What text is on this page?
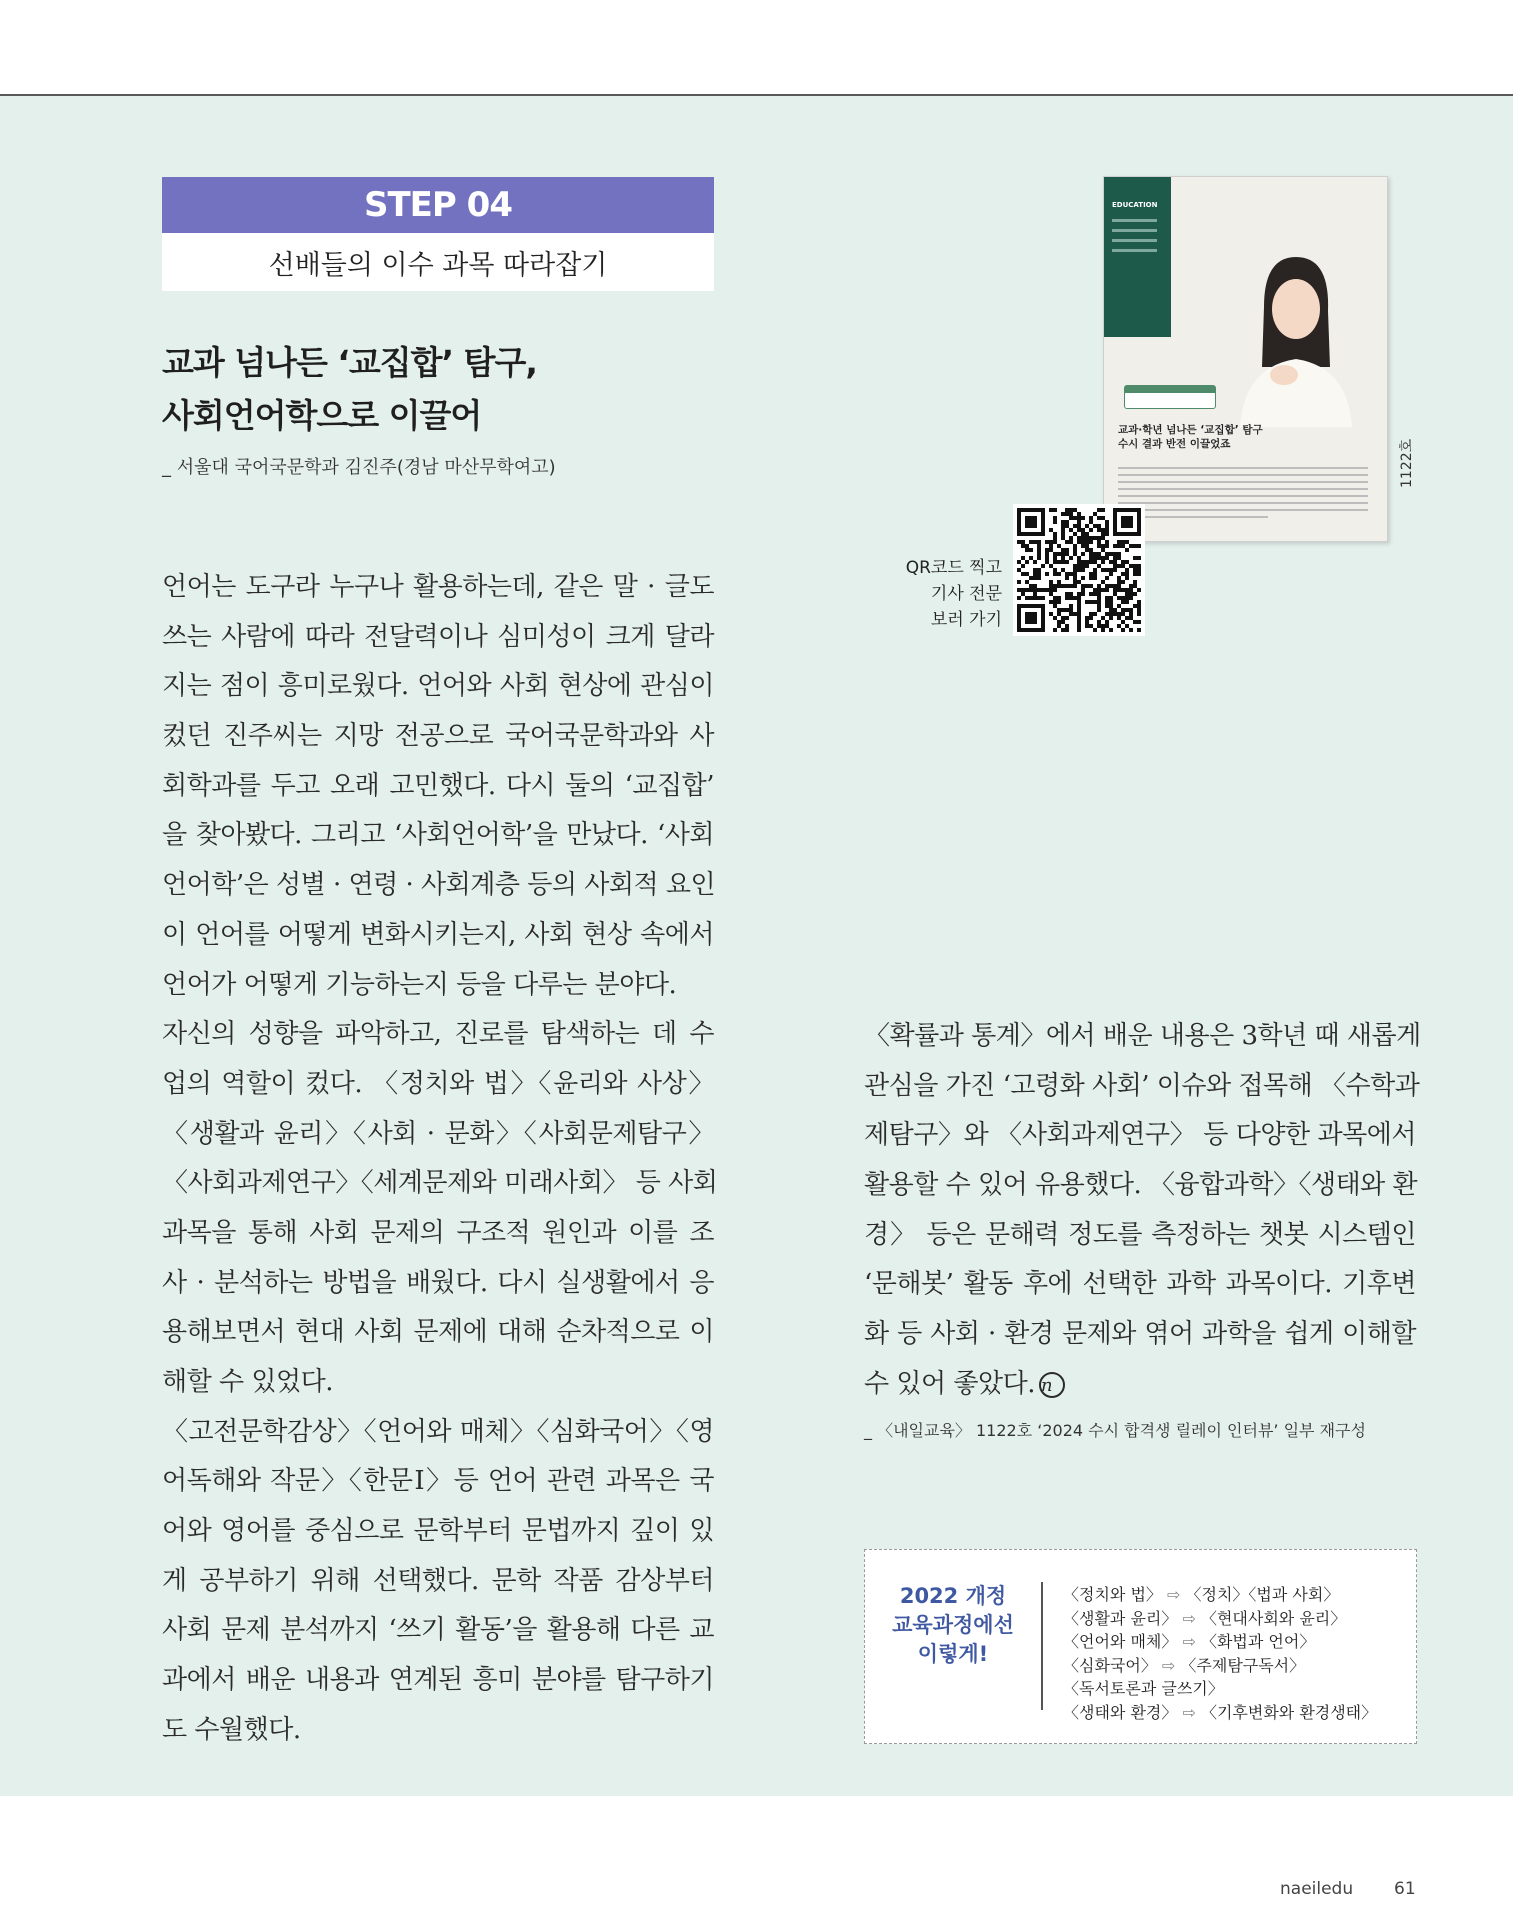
STEP 04
선배들의 이수 과목 따라잡기
교과 넘나든 ‘교집합’ 탐구,
사회언어학으로 이끌어
_ 서울대 국어국문학과 김진주(경남 마산무학여고)
EDUCATION
교과·학년 넘나든 ‘교집합’ 탐구
수시 결과 반전 이끌었죠	1122호
QR코드 찍고
기사 전문
보러 가기
언어는 도구라 누구나 활용하는데, 같은 말 · 글도
쓰는 사람에 따라 전달력이나 심미성이 크게 달라
지는 점이 흥미로웠다. 언어와 사회 현상에 관심이
컸던 진주씨는 지망 전공으로 국어국문학과와 사
회학과를 두고 오래 고민했다. 다시 둘의 ‘교집합’
을 찾아봤다. 그리고 ‘사회언어학’을 만났다. ‘사회
언어학’은 성별 · 연령 · 사회계층 등의 사회적 요인
이 언어를 어떻게 변화시키는지, 사회 현상 속에서
언어가 어떻게 기능하는지 등을 다루는 분야다.
자신의 성향을 파악하고, 진로를 탐색하는 데 수
업의 역할이 컸다. 〈정치와 법〉〈윤리와 사상〉
〈생활과 윤리〉〈사회 · 문화〉〈사회문제탐구〉
〈사회과제연구〉〈세계문제와 미래사회〉 등 사회
과목을 통해 사회 문제의 구조적 원인과 이를 조
사 · 분석하는 방법을 배웠다. 다시 실생활에서 응
용해보면서 현대 사회 문제에 대해 순차적으로 이
해할 수 있었다.
〈고전문학감상〉〈언어와 매체〉〈심화국어〉〈영
어독해와 작문〉〈한문Ⅰ〉등 언어 관련 과목은 국
어와 영어를 중심으로 문학부터 문법까지 깊이 있
게 공부하기 위해 선택했다. 문학 작품 감상부터
사회 문제 분석까지 ‘쓰기 활동’을 활용해 다른 교
과에서 배운 내용과 연계된 흥미 분야를 탐구하기
도 수월했다.
〈확률과 통계〉에서 배운 내용은 3학년 때 새롭게
관심을 가진 ‘고령화 사회’ 이슈와 접목해 〈수학과
제탐구〉와 〈사회과제연구〉 등 다양한 과목에서
활용할 수 있어 유용했다. 〈융합과학〉〈생태와 환
경〉 등은 문해력 정도를 측정하는 챗봇 시스템인
‘문해봇’ 활동 후에 선택한 과학 과목이다. 기후변
화 등 사회 · 환경 문제와 엮어 과학을 쉽게 이해할
수 있어 좋았다. n
_ 〈내일교육〉 1122호 ‘2024 수시 합격생 릴레이 인터뷰’ 일부 재구성
2022 개정
교육과정에선
이렇게!
〈정치와 법〉 ⇨ 〈정치〉〈법과 사회〉
〈생활과 윤리〉 ⇨ 〈현대사회와 윤리〉
〈언어와 매체〉 ⇨ 〈화법과 언어〉
〈심화국어〉 ⇨ 〈주제탐구독서〉
〈독서토론과 글쓰기〉
〈생태와 환경〉 ⇨ 〈기후변화와 환경생태〉
naeiledu 61
